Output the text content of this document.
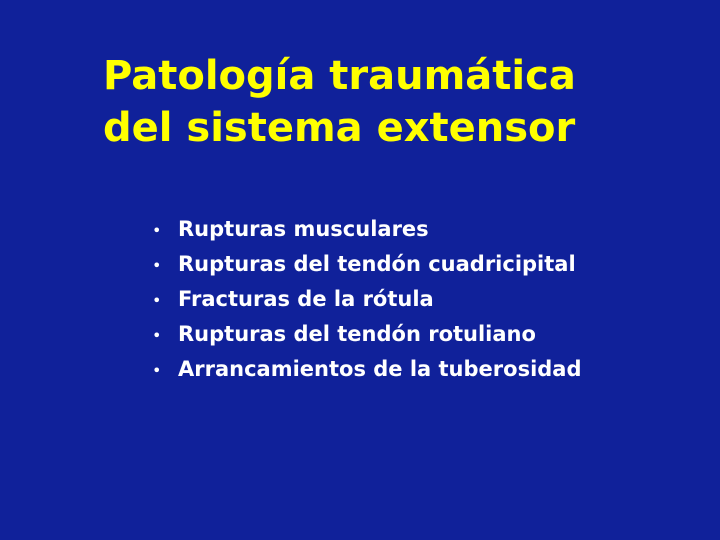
Patología traumática
del sistema extensor
• Rupturas musculares
• Rupturas del tendón cuadricipital
• Fracturas de la rótula
• Rupturas del tendón rotuliano
• Arrancamientos de la tuberosidad
